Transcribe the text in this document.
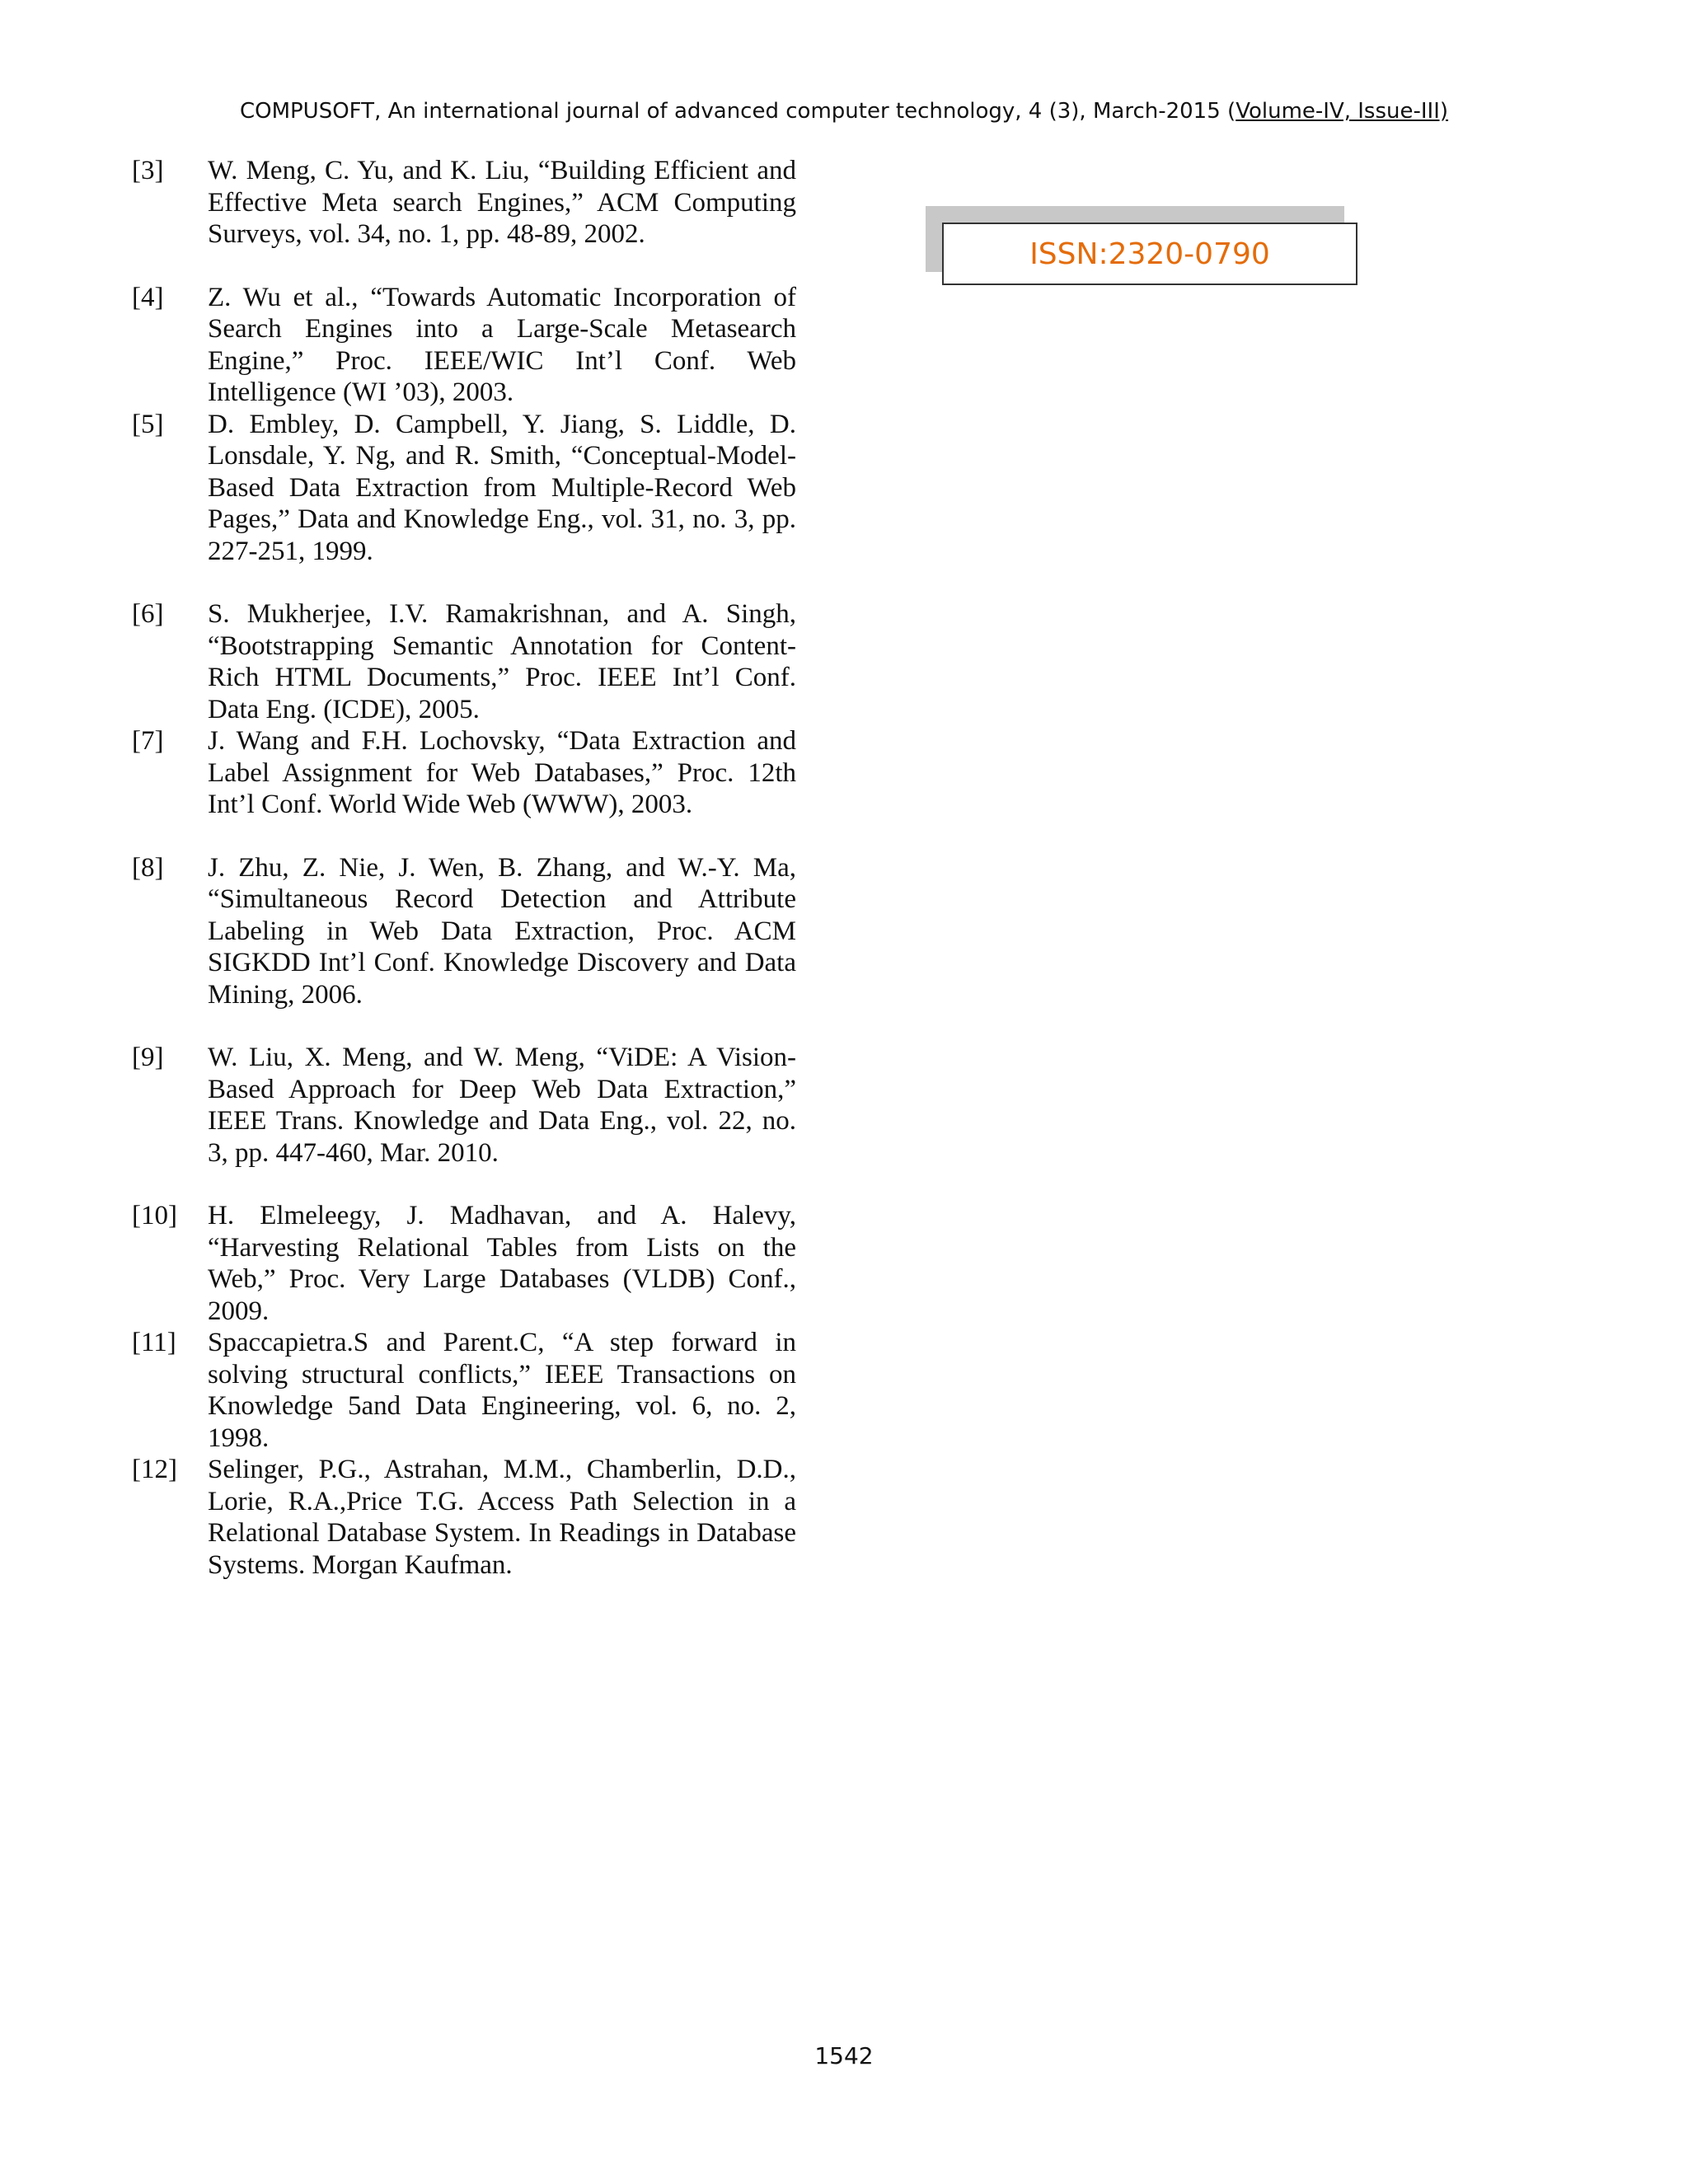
COMPUSOFT, An international journal of advanced computer technology, 4 (3), March-2015 (Volume-IV, Issue-III)
ISSN:2320-0790
[3]	W. Meng, C. Yu, and K. Liu, “Building Efficient and Effective Meta search Engines,” ACM Computing Surveys, vol. 34, no. 1, pp. 48-89, 2002.
[4]	Z. Wu et al., “Towards Automatic Incorporation of Search Engines into a Large-Scale Metasearch Engine,” Proc. IEEE/WIC Int’l Conf. Web Intelligence (WI ’03), 2003.
[5]	D. Embley, D. Campbell, Y. Jiang, S. Liddle, D. Lonsdale, Y. Ng, and R. Smith, “Conceptual-Model-Based Data Extraction from Multiple-Record Web Pages,” Data and Knowledge Eng., vol. 31, no. 3, pp. 227-251, 1999.
[6]	S. Mukherjee, I.V. Ramakrishnan, and A. Singh, “Bootstrapping Semantic Annotation for Content-Rich HTML Documents,” Proc. IEEE Int’l Conf. Data Eng. (ICDE), 2005.
[7]	J. Wang and F.H. Lochovsky, “Data Extraction and Label Assignment for Web Databases,” Proc. 12th Int’l Conf. World Wide Web (WWW), 2003.
[8]	J. Zhu, Z. Nie, J. Wen, B. Zhang, and W.-Y. Ma, “Simultaneous Record Detection and Attribute Labeling in Web Data Extraction, Proc. ACM SIGKDD Int’l Conf. Knowledge Discovery and Data Mining, 2006.
[9]	W. Liu, X. Meng, and W. Meng, “ViDE: A Vision-Based Approach for Deep Web Data Extraction,” IEEE Trans. Knowledge and Data Eng., vol. 22, no. 3, pp. 447-460, Mar. 2010.
[10]	H. Elmeleegy, J. Madhavan, and A. Halevy, “Harvesting Relational Tables from Lists on the Web,” Proc. Very Large Databases (VLDB) Conf., 2009.
[11]	Spaccapietra.S and Parent.C, “A step forward in solving structural conflicts,” IEEE Transactions on Knowledge 5and Data Engineering, vol. 6, no. 2, 1998.
[12]	Selinger, P.G., Astrahan, M.M., Chamberlin, D.D., Lorie, R.A.,Price T.G. Access Path Selection in a Relational Database System. In Readings in Database Systems. Morgan Kaufman.
1542
